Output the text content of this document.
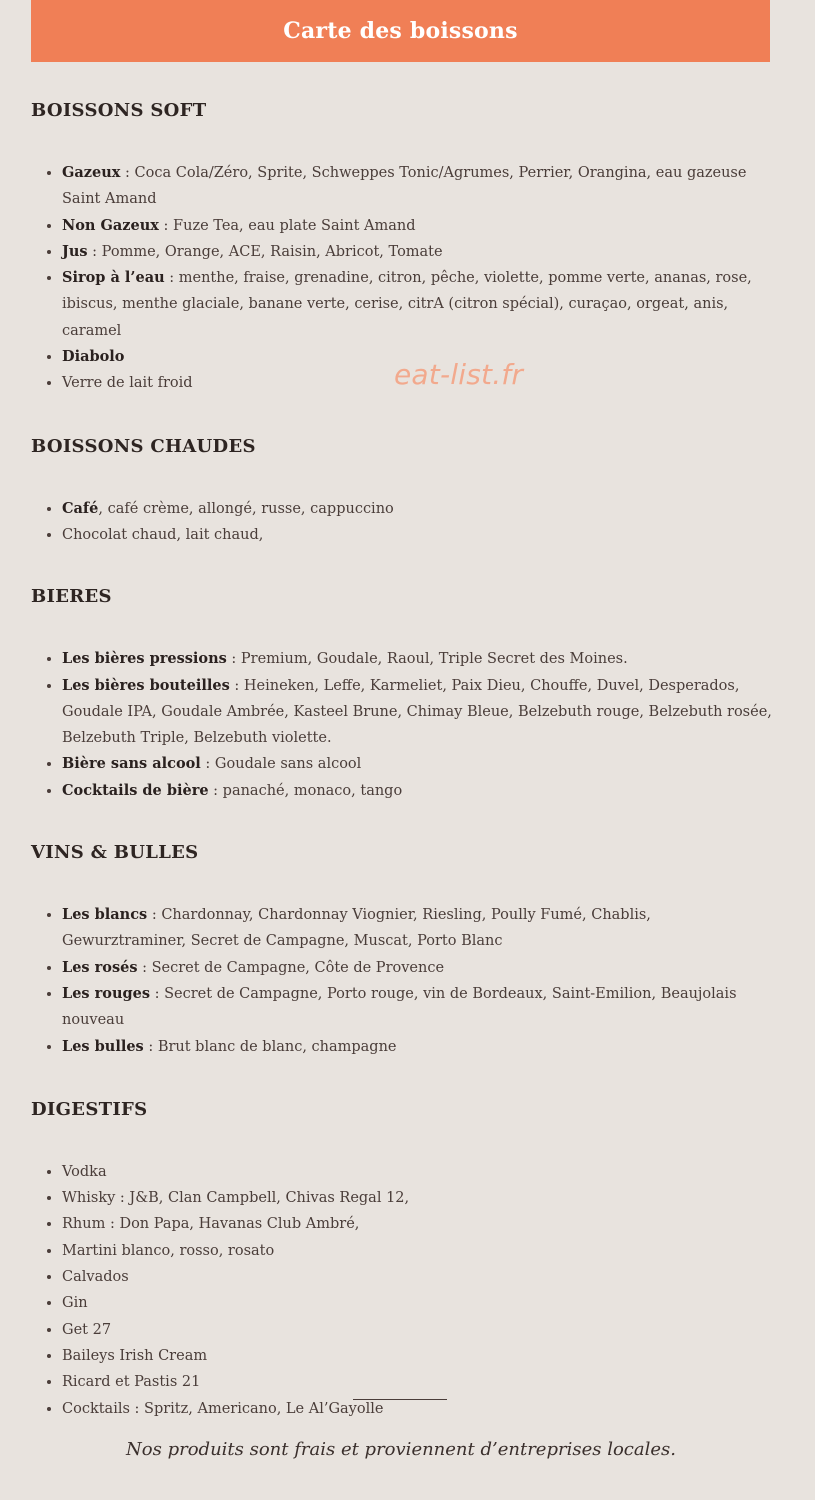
Carte des boissons
eat-list.fr
BOISSONS SOFT
• Gazeux : Coca Cola/Zéro, Sprite, Schweppes Tonic/Agrumes, Perrier, Orangina, eau gazeuse Saint Amand
• Non Gazeux : Fuze Tea, eau plate Saint Amand
• Jus : Pomme, Orange, ACE, Raisin, Abricot, Tomate
• Sirop à l’eau : menthe, fraise, grenadine, citron, pêche, violette, pomme verte, ananas, rose, ibiscus, menthe glaciale, banane verte, cerise, citrA (citron spécial), curaçao, orgeat, anis, caramel
• Diabolo
• Verre de lait froid
BOISSONS CHAUDES
• Café, café crème, allongé, russe, cappuccino
• Chocolat chaud, lait chaud,
BIERES
• Les bières pressions : Premium, Goudale, Raoul, Triple Secret des Moines.
• Les bières bouteilles : Heineken, Leffe, Karmeliet, Paix Dieu, Chouffe, Duvel, Desperados, Goudale IPA, Goudale Ambrée, Kasteel Brune, Chimay Bleue, Belzebuth rouge, Belzebuth rosée, Belzebuth Triple, Belzebuth violette.
• Bière sans alcool : Goudale sans alcool
• Cocktails de bière : panaché, monaco, tango
VINS & BULLES
• Les blancs : Chardonnay, Chardonnay Viognier, Riesling, Poully Fumé, Chablis, Gewurztraminer, Secret de Campagne, Muscat, Porto Blanc
• Les rosés : Secret de Campagne, Côte de Provence
• Les rouges : Secret de Campagne, Porto rouge, vin de Bordeaux, Saint-Emilion, Beaujolais nouveau
• Les bulles : Brut blanc de blanc, champagne
DIGESTIFS
• Vodka
• Whisky : J&B, Clan Campbell, Chivas Regal 12,
• Rhum : Don Papa, Havanas Club Ambré,
• Martini blanco, rosso, rosato
• Calvados
• Gin
• Get 27
• Baileys Irish Cream
• Ricard et Pastis 21
• Cocktails : Spritz, Americano, Le Al’Gayolle
Nos produits sont frais et proviennent d’entreprises locales.
